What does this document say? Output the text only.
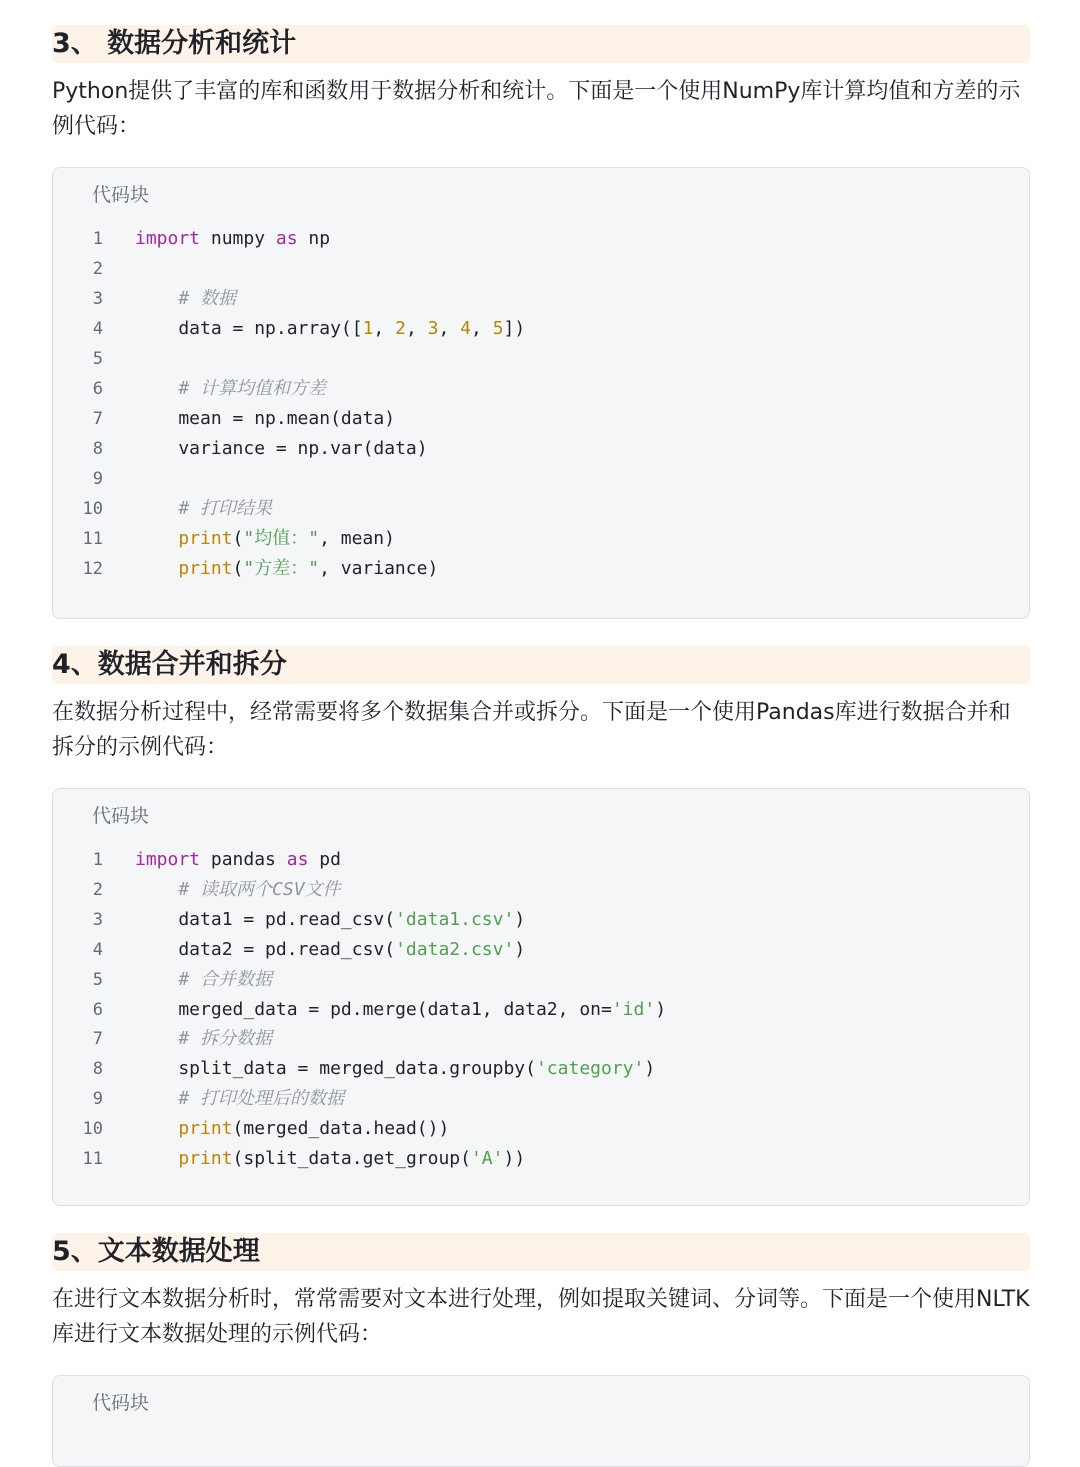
3、 数据分析和统计
Python提供了丰富的库和函数用于数据分析和统计。下面是一个使用NumPy库计算均值和方差的示例代码：
代码块
1 import numpy as np
2
3	# 数据
4 data = np.array([1, 2, 3, 4, 5])
5
6	# 计算均值和方差
7 mean = np.mean(data)
8 variance = np.var(data)
9
10	# 打印结果
11	print("均值：", mean)
12	print("方差：", variance)
4、数据合并和拆分
在数据分析过程中，经常需要将多个数据集合并或拆分。下面是一个使用Pandas库进行数据合并和拆分的示例代码：
代码块
1 import pandas as pd
2	# 读取两个CSV文件
3 data1 = pd.read_csv('data1.csv')
4 data2 = pd.read_csv('data2.csv')
5	# 合并数据
6 merged_data = pd.merge(data1, data2, on='id')
7	# 拆分数据
8 split_data = merged_data.groupby('category')
9	# 打印处理后的数据
10	print(merged_data.head())
11	print(split_data.get_group('A'))
5、文本数据处理
在进行文本数据分析时，常常需要对文本进行处理，例如提取关键词、分词等。下面是一个使用NLTK库进行文本数据处理的示例代码：
代码块
